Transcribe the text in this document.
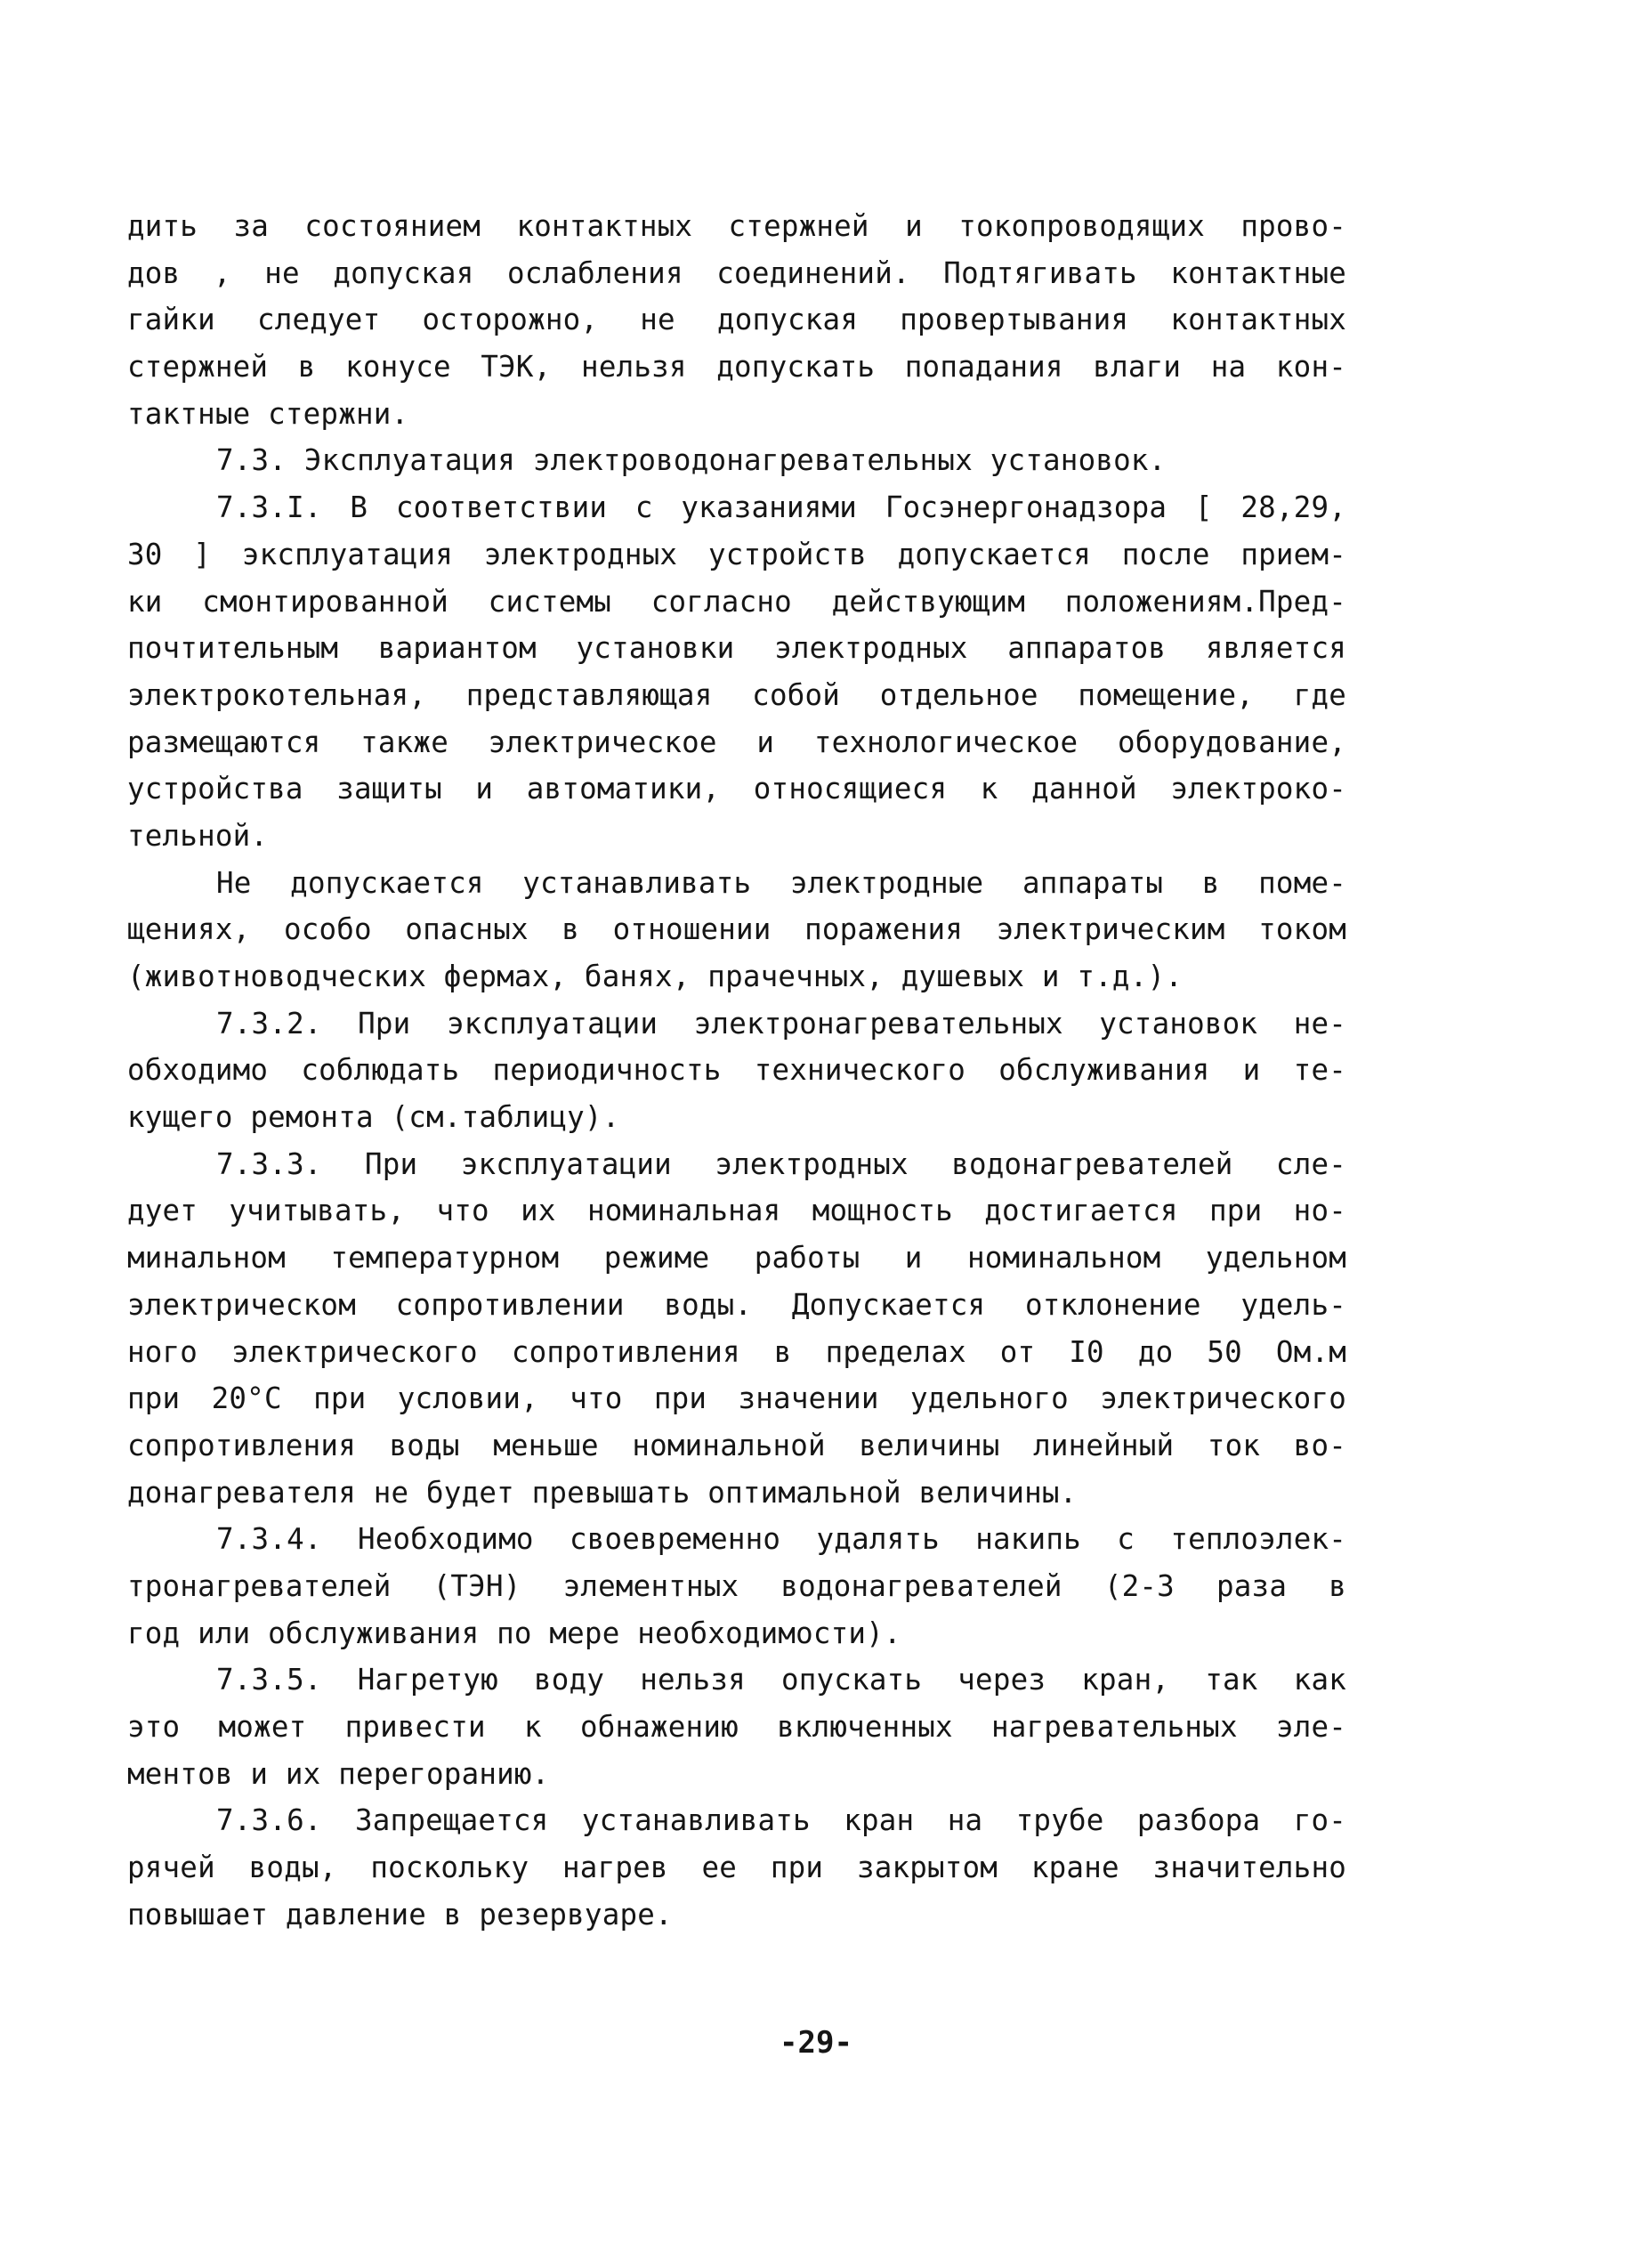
дить за состоянием контактных стержней и токопроводящих прово-
дов , не допуская ослабления соединений. Подтягивать контактные
гайки следует осторожно, не допуская провертывания контактных
стержней в конусе ТЭК, нельзя допускать попадания влаги на кон-
тактные стержни.
7.3. Эксплуатация электроводонагревательных установок.
7.3.I. В соответствии с указаниями Госэнергонадзора [ 28,29,
30 ] эксплуатация электродных устройств допускается после прием-
ки смонтированной системы согласно действующим положениям.Пред-
почтительным вариантом установки электродных аппаратов является
электрокотельная, представляющая собой отдельное помещение, где
размещаются также электрическое и технологическое оборудование,
устройства защиты и автоматики, относящиеся к данной электроко-
тельной.
Не допускается устанавливать электродные аппараты в поме-
щениях, особо опасных в отношении поражения электрическим током
(животноводческих фермах, банях, прачечных, душевых и т.д.).
7.3.2. При эксплуатации электронагревательных установок не-
обходимо соблюдать периодичность технического обслуживания и те-
кущего ремонта (см.таблицу).
7.3.3. При эксплуатации электродных водонагревателей сле-
дует учитывать, что их номинальная мощность достигается при но-
минальном температурном режиме работы и номинальном удельном
электрическом сопротивлении воды. Допускается отклонение удель-
ного электрического сопротивления в пределах от I0 до 50 Ом.м
при 20°С при условии, что при значении удельного электрического
сопротивления воды меньше номинальной величины линейный ток во-
донагревателя не будет превышать оптимальной величины.
7.3.4. Необходимо своевременно удалять накипь с теплоэлек-
тронагревателей (ТЭН) элементных водонагревателей (2-3 раза в
год или обслуживания по мере необходимости).
7.3.5. Нагретую воду нельзя опускать через кран, так как
это может привести к обнажению включенных нагревательных эле-
ментов и их перегоранию.
7.3.6. Запрещается устанавливать кран на трубе разбора го-
рячей воды, поскольку нагрев ее при закрытом кране значительно
повышает давление в резервуаре.
-29-
